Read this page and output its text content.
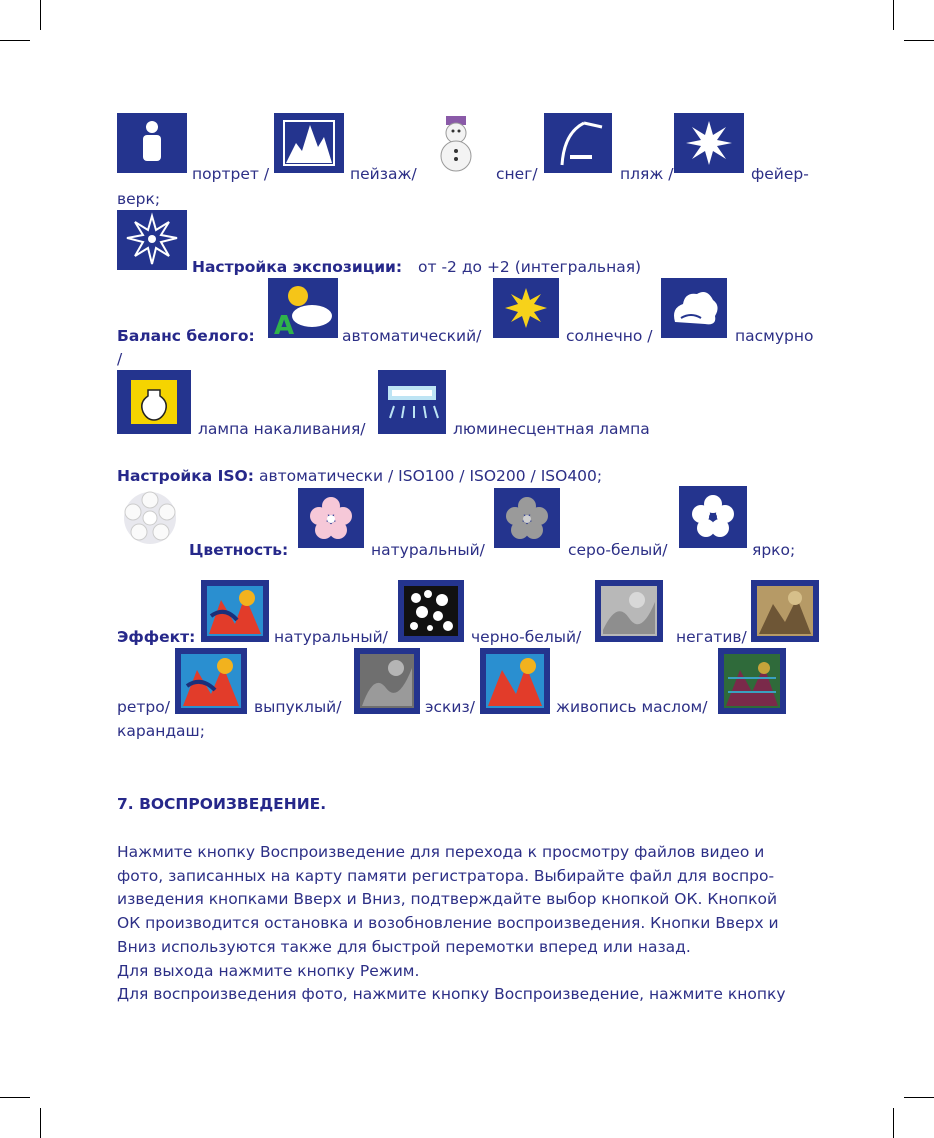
портрет /	пейзаж/	снег/	пляж /	фейер-
верк;
Настройка экспозиции: от -2 до +2 (интегральная)
Баланс белого: A	автоматический/	солнечно /	пасмурно
/
лампа накаливания/	люминесцентная лампа
Настройка ISO: автоматически / ISO100 / ISO200 / ISO400;
Цветность:	натуральный/	серо-белый/	ярко;
Эффект:	натуральный/	черно-белый/	негатив/
ретро/	выпуклый/	эскиз/	живопись маслом/
карандаш;
7. ВОСПРОИЗВЕДЕНИЕ.

Нажмите кнопку Воспроизведение для перехода к просмотру файлов видео и

фото, записанных на карту памяти регистратора. Выбирайте файл для воспро-

изведения кнопками Вверх и Вниз, подтверждайте выбор кнопкой ОК. Кнопкой

ОК производится остановка и возобновление воспроизведения. Кнопки Вверх и

Вниз используются также для быстрой перемотки вперед или назад.

Для выхода нажмите кнопку Режим.

Для воспроизведения фото, нажмите кнопку Воспроизведение, нажмите кнопку
